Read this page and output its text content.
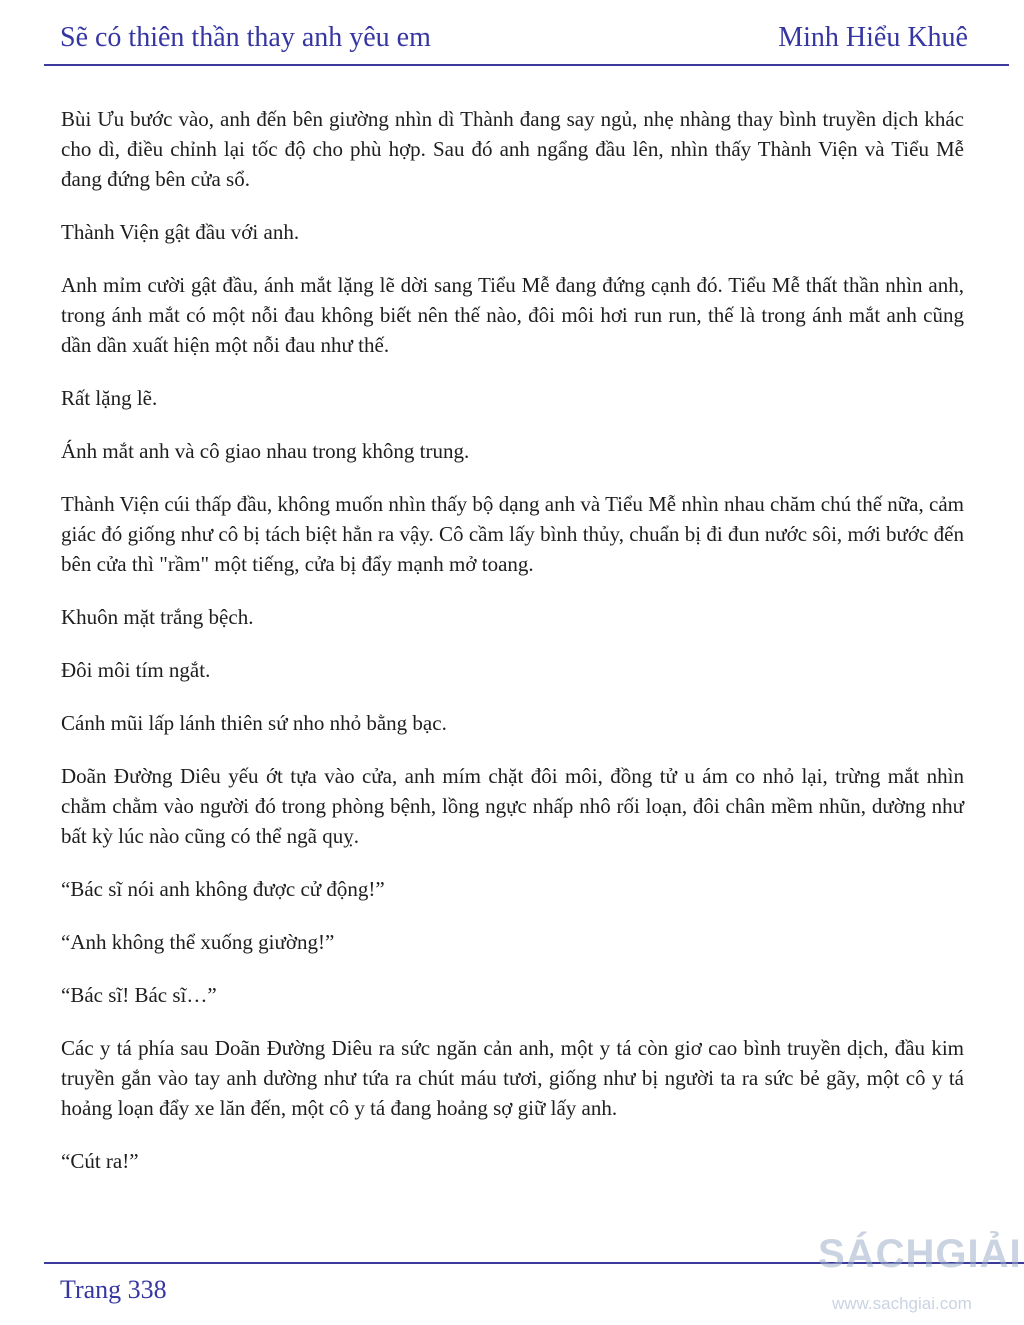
Sẽ có thiên thần thay anh yêu em	Minh Hiểu Khuê

Bùi Ưu bước vào, anh đến bên giường nhìn dì Thành đang say ngủ, nhẹ nhàng thay bình truyền dịch khác cho dì, điều chỉnh lại tốc độ cho phù hợp. Sau đó anh ngẩng đầu lên, nhìn thấy Thành Viện và Tiểu Mễ đang đứng bên cửa sổ.

Thành Viện gật đầu với anh.

Anh mỉm cười gật đầu, ánh mắt lặng lẽ dời sang Tiểu Mễ đang đứng cạnh đó. Tiểu Mễ thất thần nhìn anh, trong ánh mắt có một nỗi đau không biết nên thế nào, đôi môi hơi run run, thế là trong ánh mắt anh cũng dần dần xuất hiện một nỗi đau như thế.

Rất lặng lẽ.

Ánh mắt anh và cô giao nhau trong không trung.

Thành Viện cúi thấp đầu, không muốn nhìn thấy bộ dạng anh và Tiểu Mễ nhìn nhau chăm chú thế nữa, cảm giác đó giống như cô bị tách biệt hẳn ra vậy. Cô cầm lấy bình thủy, chuẩn bị đi đun nước sôi, mới bước đến bên cửa thì "rầm" một tiếng, cửa bị đẩy mạnh mở toang.

Khuôn mặt trắng bệch.

Đôi môi tím ngắt.

Cánh mũi lấp lánh thiên sứ nho nhỏ bằng bạc.

Doãn Đường Diêu yếu ớt tựa vào cửa, anh mím chặt đôi môi, đồng tử u ám co nhỏ lại, trừng mắt nhìn chằm chằm vào người đó trong phòng bệnh, lồng ngực nhấp nhô rối loạn, đôi chân mềm nhũn, dường như bất kỳ lúc nào cũng có thể ngã quỵ.

“Bác sĩ nói anh không được cử động!”

“Anh không thể xuống giường!”

“Bác sĩ! Bác sĩ…”

Các y tá phía sau Doãn Đường Diêu ra sức ngăn cản anh, một y tá còn giơ cao bình truyền dịch, đầu kim truyền gắn vào tay anh dường như tứa ra chút máu tươi, giống như bị người ta ra sức bẻ gãy, một cô y tá hoảng loạn đẩy xe lăn đến, một cô y tá đang hoảng sợ giữ lấy anh.

“Cút ra!”

Trang 338
SÁCHGIẢI
www.sachgiai.com
